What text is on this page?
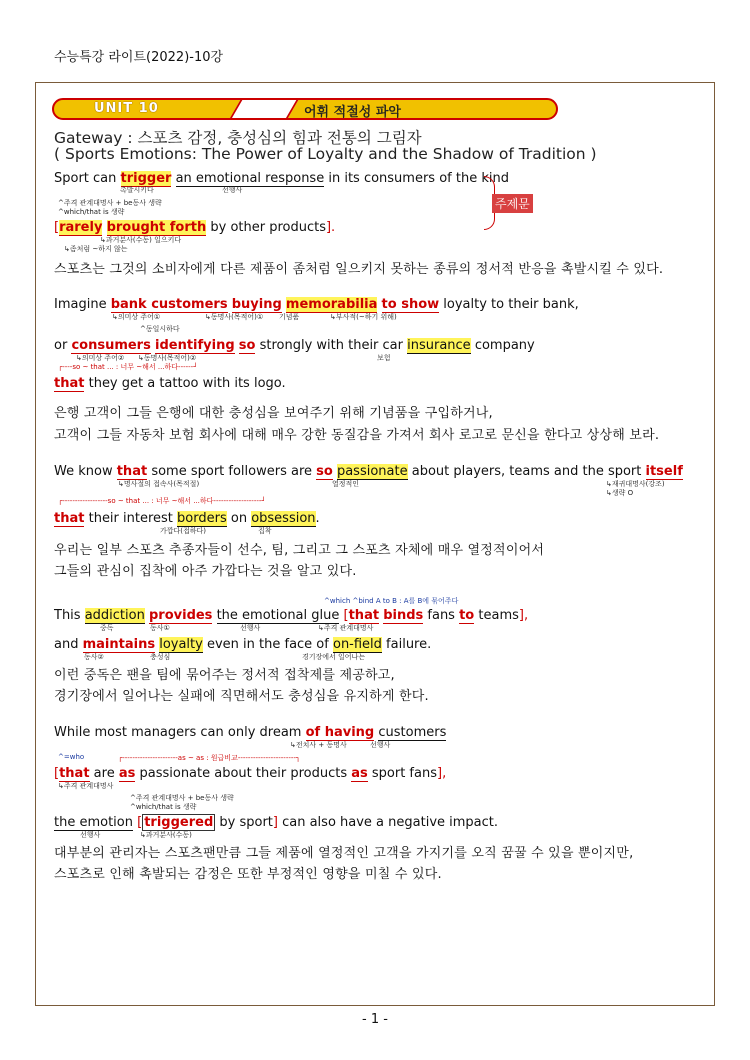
수능특강 라이트(2022)-10강
UNIT 10	어휘 적절성 파악
Gateway : 스포츠 감정, 충성심의 힘과 전통의 그림자
( Sports Emotions: The Power of Loyalty and the Shadow of Tradition )
Sport can trigger an emotional response in its consumers of the kind
촉발시키다	선행사
^주격 관계대명사 + be동사 생략
^which/that is 생략
주제문
[rarely brought forth by other products].
↳과거분사(수동) 일으키다
↳좀처럼 ~하지 않는
스포츠는 그것의 소비자에게 다른 제품이 좀처럼 일으키지 못하는 종류의 정서적 반응을 촉발시킬 수 있다.
Imagine bank customers buying memorabilia to show loyalty to their bank,
↳의미상 주어①	↳동명사(목적어)① 기념품	↳부사적(~하기 위해)
^동일시하다
or consumers identifying so strongly with their car insurance company
↳의미상 주어② ↳동명사(목적어)②	보험
┌----so ~ that ... : 너무 ~해서 ...하다------┘
that they get a tattoo with its logo.
은행 고객이 그들 은행에 대한 충성심을 보여주기 위해 기념품을 구입하거나,
고객이 그들 자동차 보험 회사에 대해 매우 강한 동질감을 가져서 회사 로고로 문신을 한다고 상상해 보라.
We know that some sport followers are so passionate about players, teams and the sport itself
↳명사절의 접속사(목적절)	열정적인	↳재귀대명사(강조)
↳생략 O
┌------------------so ~ that ... : 너무 ~해서 ...하다-------------------┘
that their interest borders on obsession.
가깝다(접하다)	집착
우리는 일부 스포츠 추종자들이 선수, 팀, 그리고 그 스포츠 자체에 매우 열정적이어서
그들의 관심이 집착에 아주 가깝다는 것을 알고 있다.
^which ^bind A to B : A를 B에 묶어주다
This addiction provides the emotional glue [that binds fans to teams],
중독	동사①	선행사	↳주격 관계대명사
and maintains loyalty even in the face of on-field failure.
동사②	충성심	경기장에서 일어나는
이런 중독은 팬을 팀에 묶어주는 정서적 접착제를 제공하고,
경기장에서 일어나는 실패에 직면해서도 충성심을 유지하게 한다.
While most managers can only dream of having customers
↳전치사 + 동명사	선행사
^=who	┌----------------------as ~ as : 원급비교-----------------------┐
[that are as passionate about their products as sport fans],
↳주격 관계대명사
^주격 관계대명사 + be동사 생략
^which/that is 생략
the emotion [ triggered by sport] can also have a negative impact.
선행사	↳과거분사(수동)
대부분의 관리자는 스포츠팬만큼 그들 제품에 열정적인 고객을 가지기를 오직 꿈꿀 수 있을 뿐이지만,
스포츠로 인해 촉발되는 감정은 또한 부정적인 영향을 미칠 수 있다.
- 1 -
